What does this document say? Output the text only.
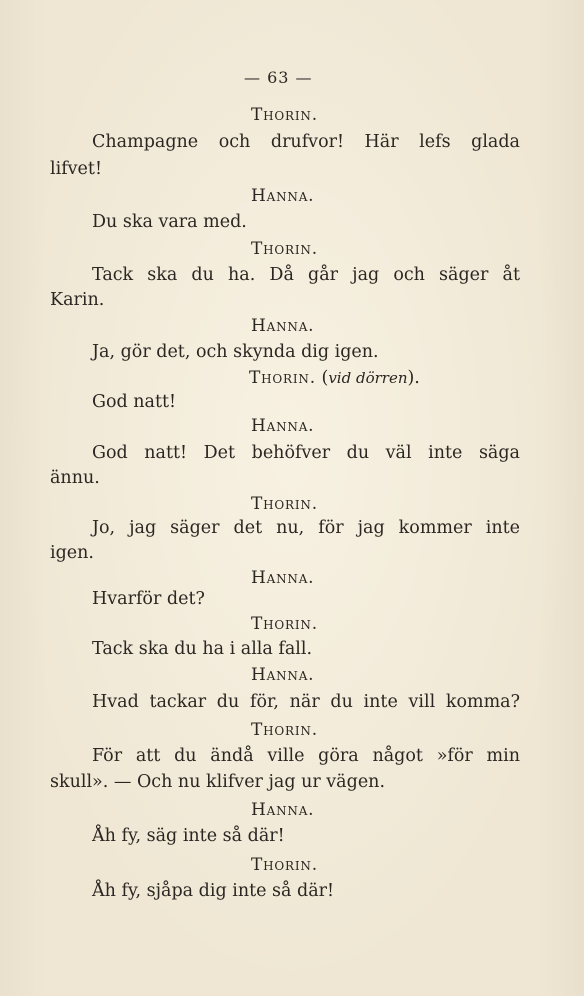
— 63 —
Thorin.
Champagne och drufvor! Här lefs glada
lifvet!
Hanna.
Du ska vara med.
Thorin.
Tack ska du ha. Då går jag och säger åt
Karin.
Hanna.
Ja, gör det, och skynda dig igen.
Thorin. (vid dörren).
God natt!
Hanna.
God natt! Det behöfver du väl inte säga
ännu.
Thorin.
Jo, jag säger det nu, för jag kommer inte
igen.
Hanna.
Hvarför det?
Thorin.
Tack ska du ha i alla fall.
Hanna.
Hvad tackar du för, när du inte vill komma?
Thorin.
För att du ändå ville göra något »för min
skull». — Och nu klifver jag ur vägen.
Hanna.
Åh fy, säg inte så där!
Thorin.
Åh fy, sjåpa dig inte så där!
